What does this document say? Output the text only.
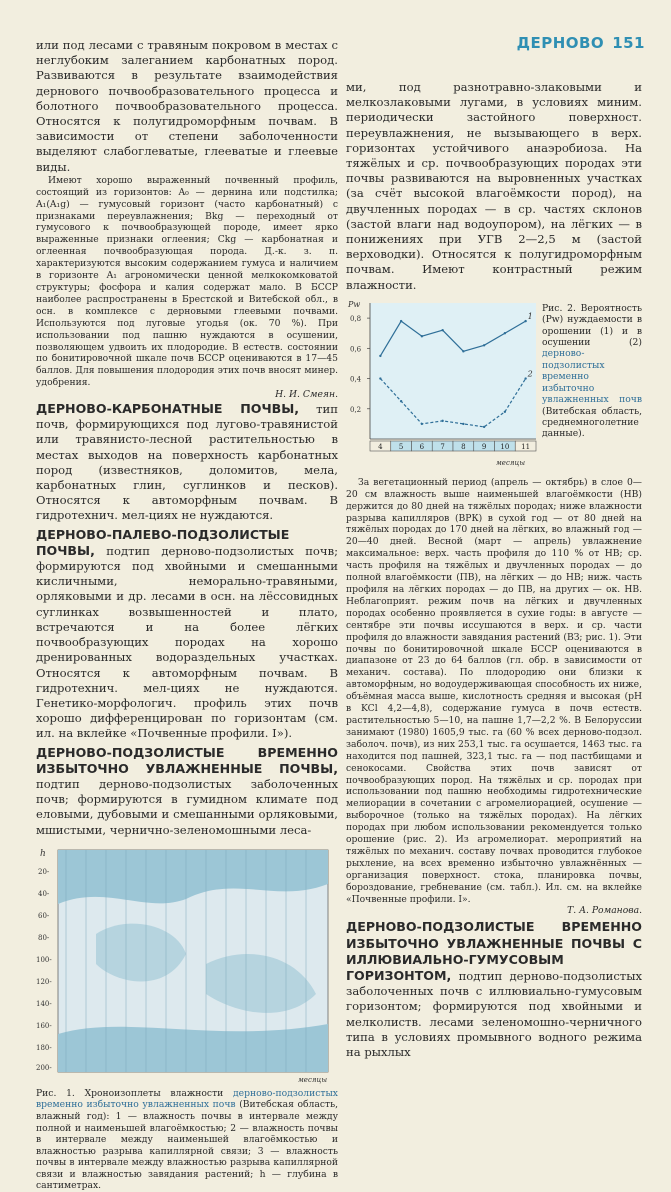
ДЕРНОВО 151

или под лесами с травяным покровом в местах с неглубоким залеганием карбонатных пород. Развиваются в результате взаимодействия дернового почвообразовательного процесса и болотного почвообразовательного процесса. Относятся к полугидроморфным почвам. В зависимости от степени заболоченности выделяют слабоглеватые, глееватые и глеевые виды.

Имеют хорошо выраженный почвенный профиль, состоящий из горизонтов: A₀ — дернина или подстилка; A₁(A₁g) — гумусовый горизонт (часто карбонатный) с признаками переувлажнения; Bkg — переходный от гумусового к почвообразующей породе, имеет ярко выраженные признаки оглеения; Ckg — карбонатная и оглеенная почвообразующая порода. Д.-к. з. п. характеризуются высоким содержанием гумуса и наличием в горизонте A₁ агрономически ценной мелкокомковатой структуры; фосфора и калия содержат мало. В БССР наиболее распространены в Брестской и Витебской обл., в осн. в комплексе с дерновыми глеевыми почвами. Используются под луговые угодья (ок. 70 %). При использовании под пашню нуждаются в осушении, позволяющем удвоить их плодородие. В естеств. состоянии по бонитировочной шкале почв БССР оцениваются в 17—45 баллов. Для повышения плодородия этих почв вносят минер. удобрения.

Н. И. Смеян.

ДЕРНОВО-КАРБОНАТНЫЕ ПОЧВЫ, тип почв, формирующихся под лугово-травянистой или травянисто-лесной растительностью в местах выходов на поверхность карбонатных пород (известняков, доломитов, мела, карбонатных глин, суглинков и песков). Относятся к автоморфным почвам. В гидротехнич. мел-циях не нуждаются.

ДЕРНОВО-ПАЛЕВО-ПОДЗОЛИСТЫЕ ПОЧВЫ, подтип дерново-подзолистых почв; формируются под хвойными и смешанными кисличными, неморально-травяными, орляковыми и др. лесами в осн. на лёссовидных суглинках возвышенностей и плато, встречаются и на более лёгких почвообразующих породах на хорошо дренированных водораздельных участках. Относятся к автоморфным почвам. В гидротехнич. мел-циях не нуждаются. Генетико-морфологич. профиль этих почв хорошо дифференцирован по горизонтам (см. ил. на вклейке «Почвенные профили. I»).

ДЕРНОВО-ПОДЗОЛИСТЫЕ ВРЕМЕННО ИЗБЫТОЧНО УВЛАЖНЕННЫЕ ПОЧВЫ, подтип дерново-подзолистых заболоченных почв; формируются в гумидном климате под еловыми, дубовыми и смешанными орляковыми, мшистыми, чернично-зеленомошными леса-

h
20-
40-
60-
80-
100-
120-
140-
160-
180-
200-
месяцы
Рис. 1. Хроноизоплеты влажности дерново-подзолистых временно избыточно увлажненных почв (Витебская область, влажный год): 1 — влажность почвы в интервале между полной и наименьшей влагоёмкостью; 2 — влажность почвы в интервале между наименьшей влагоёмкостью и влажностью разрыва капиллярной связи; 3 — влажность почвы в интервале между влажностью разрыва капиллярной связи и влажностью завядания растений; h — глубина в сантиметрах.

ми, под разнотравно-злаковыми и мелкозлаковыми лугами, в условиях миним. периодически застойного поверхност. переувлажнения, не вызывающего в верх. горизонтах устойчивого анаэробиоза. На тяжёлых и ср. почвообразующих породах эти почвы развиваются на выровненных участках (за счёт высокой влагоёмкости пород), на двучленных породах — в ср. частях склонов (застой влаги над водоупором), на лёгких — в понижениях при УГВ 2—2,5 м (застой верховодки). Относятся к полугидроморфным почвам. Имеют контрастный режим влажности.

Pw
месяцы
0,2
0,4
0,6
0,8
4 5 6 7 8 9 10 11
1
2
Рис. 2. Вероятность (Pw) нуждаемости в орошении (1) и в осушении (2) дерново-подзолистых временно избыточно увлажненных почв (Витебская область, среднемноголетние данные).

За вегетационный период (апрель — октябрь) в слое 0—20 см влажность выше наименьшей влагоёмкости (НВ) держится до 80 дней на тяжёлых породах; ниже влажности разрыва капилляров (ВРК) в сухой год — от 80 дней на тяжёлых породах до 170 дней на лёгких, во влажный год — 20—40 дней. Весной (март — апрель) увлажнение максимальное: верх. часть профиля до 110 % от НВ; ср. часть профиля на тяжёлых и двучленных породах — до полной влагоёмкости (ПВ), на лёгких — до НВ; ниж. часть профиля на лёгких породах — до ПВ, на других — ок. НВ. Неблагоприят. режим почв на лёгких и двучленных породах особенно проявляется в сухие годы: в августе — сентябре эти почвы иссушаются в верх. и ср. части профиля до влажности завядания растений (ВЗ; рис. 1). Эти почвы по бонитировочной шкале БССР оцениваются в диапазоне от 23 до 64 баллов (гл. обр. в зависимости от механич. состава). По плодородию они близки к автоморфным, но водоудерживающая способность их ниже, объёмная масса выше, кислотность средняя и высокая (pH в KCl 4,2—4,8), содержание гумуса в почв естеств. растительностью 5—10, на пашне 1,7—2,2 %. В Белоруссии занимают (1980) 1605,9 тыс. га (60 % всех дерново-подзол. заболоч. почв), из них 253,1 тыс. га осушается, 1463 тыс. га находится под пашней, 323,1 тыс. га — под пастбищами и сенокосами. Свойства этих почв зависят от почвообразующих пород. На тяжёлых и ср. породах при использовании под пашню необходимы гидротехнические мелиорации в сочетании с агромелиорацией, осушение — выборочное (только на тяжёлых породах). На лёгких породах при любом использовании рекомендуется только орошение (рис. 2). Из агромелиорат. мероприятий на тяжёлых по механич. составу почвах проводится глубокое рыхление, на всех временно избыточно увлажнённых — организация поверхност. стока, планировка почвы, бороздование, гребневание (см. табл.). Ил. см. на вклейке «Почвенные профили. I».

Т. А. Романова.

ДЕРНОВО-ПОДЗОЛИСТЫЕ ВРЕМЕННО ИЗБЫТОЧНО УВЛАЖНЕННЫЕ ПОЧВЫ С ИЛЛЮВИАЛЬНО-ГУМУСОВЫМ ГОРИЗОНТОМ, подтип дерново-подзолистых заболоченных почв с иллювиально-гумусовым горизонтом; формируются под хвойными и мелколиств. лесами зеленомошно-черничного типа в условиях промывного водного режима на рыхлых
